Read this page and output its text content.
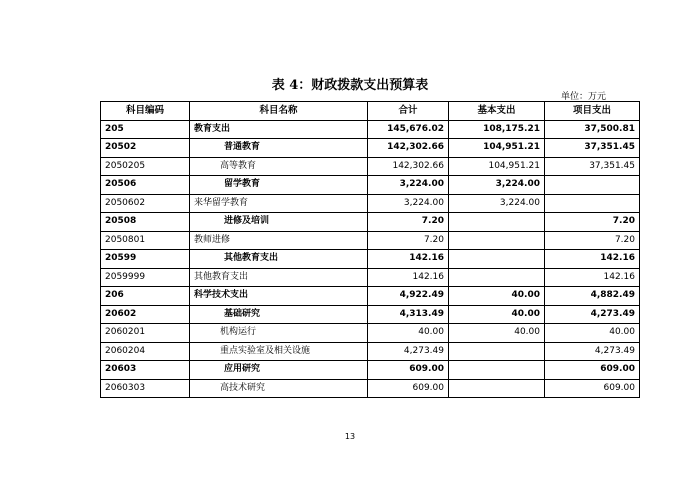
表 4：财政拨款支出预算表
单位：万元
科目编码	科目名称	合计	基本支出	项目支出
205	教育支出	145,676.02	108,175.21	37,500.81
20502	普通教育	142,302.66	104,951.21	37,351.45
2050205	高等教育	142,302.66	104,951.21	37,351.45
20506	留学教育	3,224.00	3,224.00	
2050602	来华留学教育	3,224.00	3,224.00	
20508	进修及培训	7.20		7.20
2050801	教师进修	7.20		7.20
20599	其他教育支出	142.16		142.16
2059999	其他教育支出	142.16		142.16
206	科学技术支出	4,922.49	40.00	4,882.49
20602	基础研究	4,313.49	40.00	4,273.49
2060201	机构运行	40.00	40.00	40.00
2060204	重点实验室及相关设施	4,273.49		4,273.49
20603	应用研究	609.00		609.00
2060303	高技术研究	609.00		609.00
13
